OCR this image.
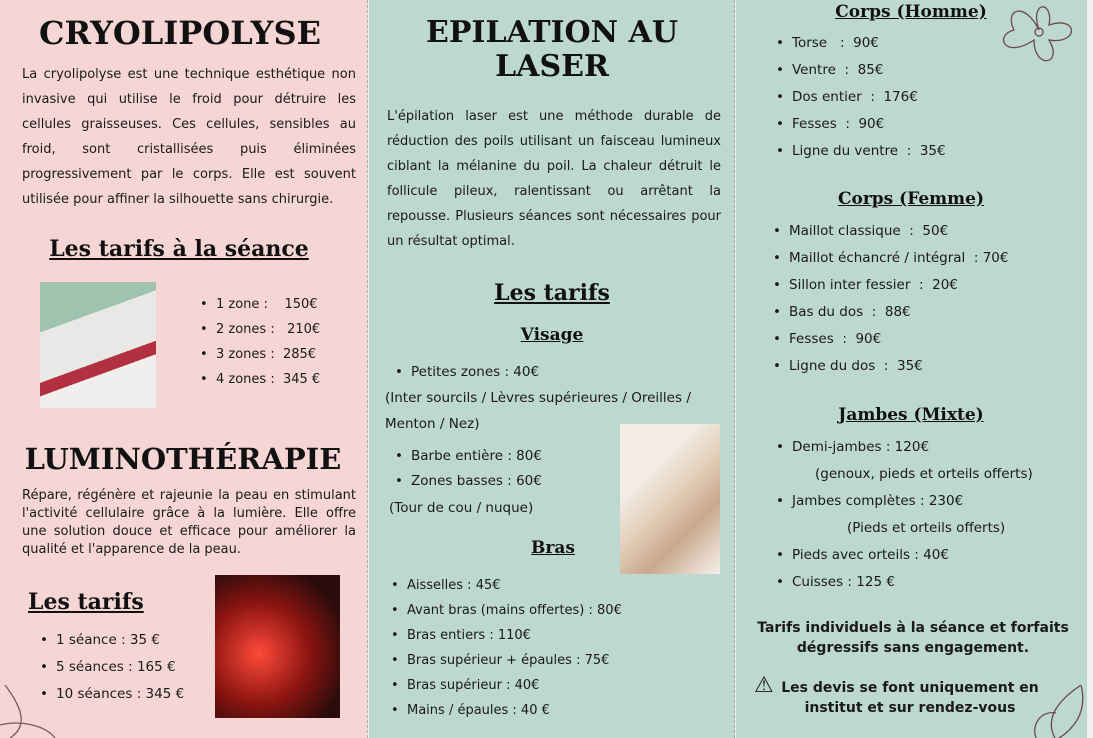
CRYOLIPOLYSE
La cryolipolyse est une technique esthétique non invasive qui utilise le froid pour détruire les cellules graisseuses. Ces cellules, sensibles au froid, sont cristallisées puis éliminées progressivement par le corps. Elle est souvent utilisée pour affiner la silhouette sans chirurgie.
Les tarifs à la séance
• 1 zone :    150€
• 2 zones :   210€
• 3 zones :  285€
• 4 zones :  345 €
LUMINOTHÉRAPIE
Répare, régénère et rajeunie la peau en stimulant l'activité cellulaire grâce à la lumière. Elle offre une solution douce et efficace pour améliorer la qualité et l'apparence de la peau.
Les tarifs
• 1 séance : 35 €
• 5 séances : 165 €
• 10 séances : 345 €
EPILATION AU LASER
L'épilation laser est une méthode durable de réduction des poils utilisant un faisceau lumineux ciblant la mélanine du poil. La chaleur détruit le follicule pileux, ralentissant ou arrêtant la repousse. Plusieurs séances sont nécessaires pour un résultat optimal.
Les tarifs
Visage
• Petites zones : 40€
(Inter sourcils / Lèvres supérieures / Oreilles / Menton / Nez)
• Barbe entière : 80€
• Zones basses : 60€
(Tour de cou / nuque)
Bras
• Aisselles : 45€
• Avant bras (mains offertes) : 80€
• Bras entiers : 110€
• Bras supérieur + épaules : 75€
• Bras supérieur : 40€
• Mains / épaules : 40 €
Corps (Homme)
• Torse   :  90€
• Ventre  :  85€
• Dos entier  :  176€
• Fesses  :  90€
• Ligne du ventre  :  35€
Corps (Femme)
• Maillot classique  :  50€
• Maillot échancré / intégral  : 70€
• Sillon inter fessier  :  20€
• Bas du dos  :  88€
• Fesses  :  90€
• Ligne du dos  :  35€
Jambes (Mixte)
• Demi-jambes : 120€
(genoux, pieds et orteils offerts)
• Jambes complètes : 230€
(Pieds et orteils offerts)
• Pieds avec orteils : 40€
• Cuisses : 125 €
Tarifs individuels à la séance et forfaits dégressifs sans engagement.
⚠ Les devis se font uniquement en institut et sur rendez-vous
